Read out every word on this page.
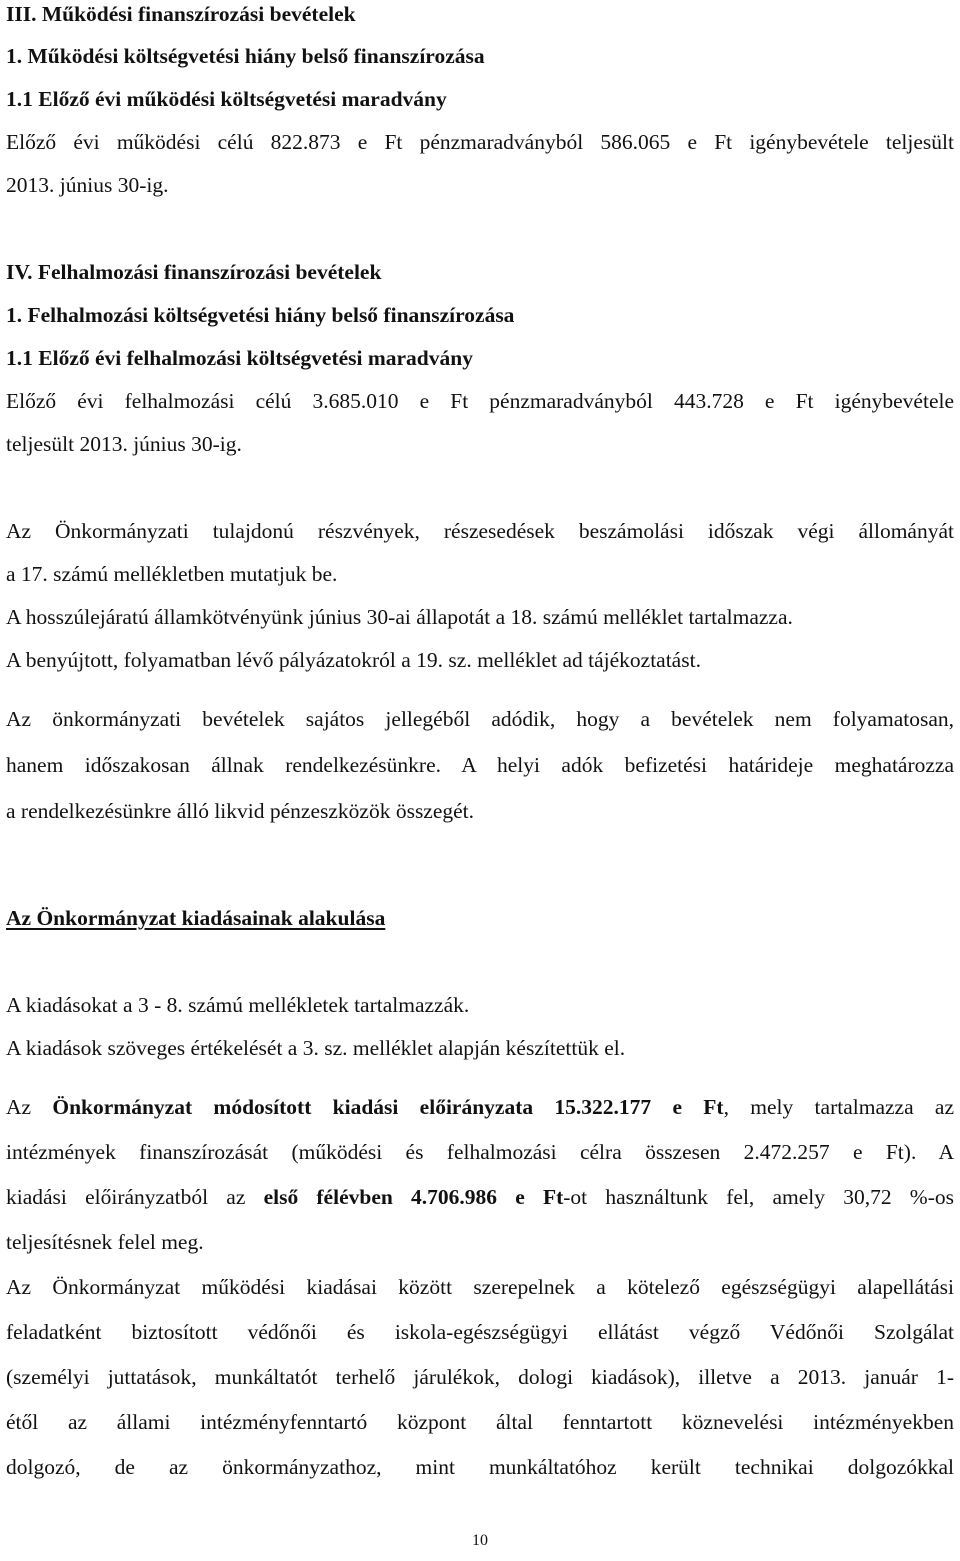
III. Működési finanszírozási bevételek
1. Működési költségvetési hiány belső finanszírozása
1.1 Előző évi működési költségvetési maradvány
Előző évi működési célú 822.873 e Ft pénzmaradványból 586.065 e Ft igénybevétele teljesült
2013. június 30-ig.
IV. Felhalmozási finanszírozási bevételek
1. Felhalmozási költségvetési hiány belső finanszírozása
1.1 Előző évi felhalmozási költségvetési maradvány
Előző évi felhalmozási célú 3.685.010 e Ft pénzmaradványból 443.728 e Ft igénybevétele
teljesült 2013. június 30-ig.
Az Önkormányzati tulajdonú részvények, részesedések beszámolási időszak végi állományát
a 17. számú mellékletben mutatjuk be.
A hosszúlejáratú államkötvényünk június 30-ai állapotát a 18. számú melléklet tartalmazza.
A benyújtott, folyamatban lévő pályázatokról a 19. sz. melléklet ad tájékoztatást.
Az önkormányzati bevételek sajátos jellegéből adódik, hogy a bevételek nem folyamatosan,
hanem időszakosan állnak rendelkezésünkre. A helyi adók befizetési határideje meghatározza
a rendelkezésünkre álló likvid pénzeszközök összegét.
Az Önkormányzat kiadásainak alakulása
A kiadásokat a 3 - 8. számú mellékletek tartalmazzák.
A kiadások szöveges értékelését a 3. sz. melléklet alapján készítettük el.
Az Önkormányzat módosított kiadási előirányzata 15.322.177 e Ft, mely tartalmazza az
intézmények finanszírozását (működési és felhalmozási célra összesen 2.472.257 e Ft). A
kiadási előirányzatból az első félévben 4.706.986 e Ft-ot használtunk fel, amely 30,72 %-os
teljesítésnek felel meg.
Az Önkormányzat működési kiadásai között szerepelnek a kötelező egészségügyi alapellátási
feladatként biztosított védőnői és iskola-egészségügyi ellátást végző Védőnői Szolgálat
(személyi juttatások, munkáltatót terhelő járulékok, dologi kiadások), illetve a 2013. január 1-
étől az állami intézményfenntartó központ által fenntartott köznevelési intézményekben
dolgozó, de az önkormányzathoz, mint munkáltatóhoz került technikai dolgozókkal
10
